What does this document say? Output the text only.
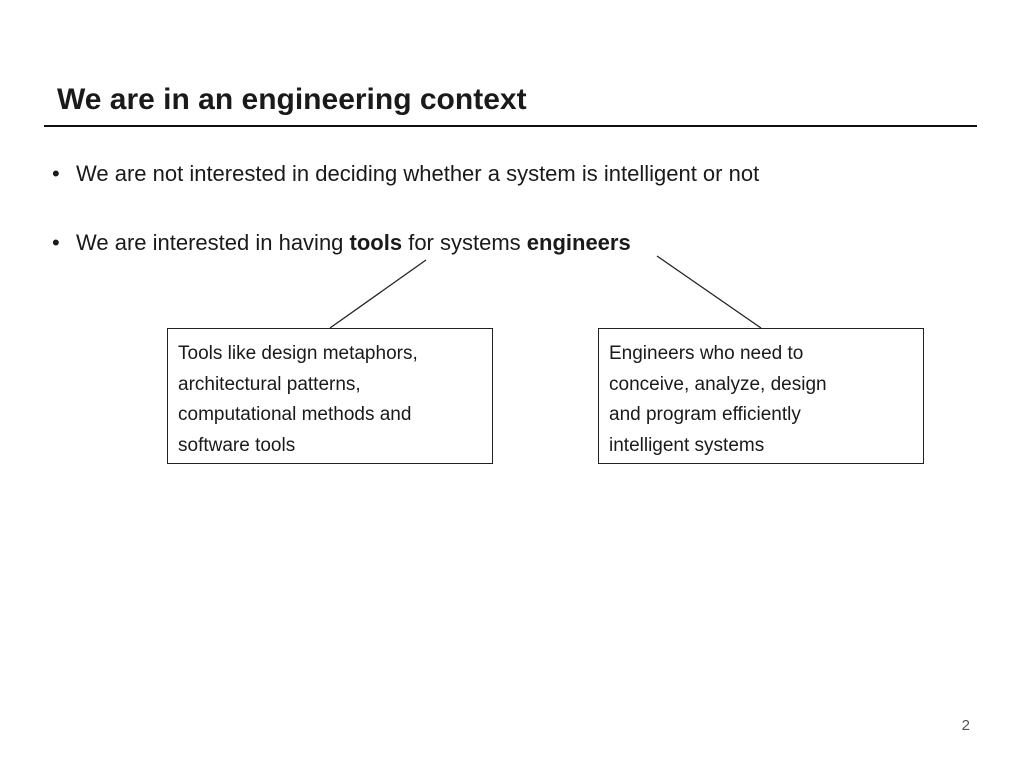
We are in an engineering context
• We are not interested in deciding whether a system is intelligent or not
• We are interested in having tools for systems engineers
Tools like design metaphors,
architectural patterns,
computational methods and
software tools
Engineers who need to
conceive, analyze, design
and program efficiently
intelligent systems
2
